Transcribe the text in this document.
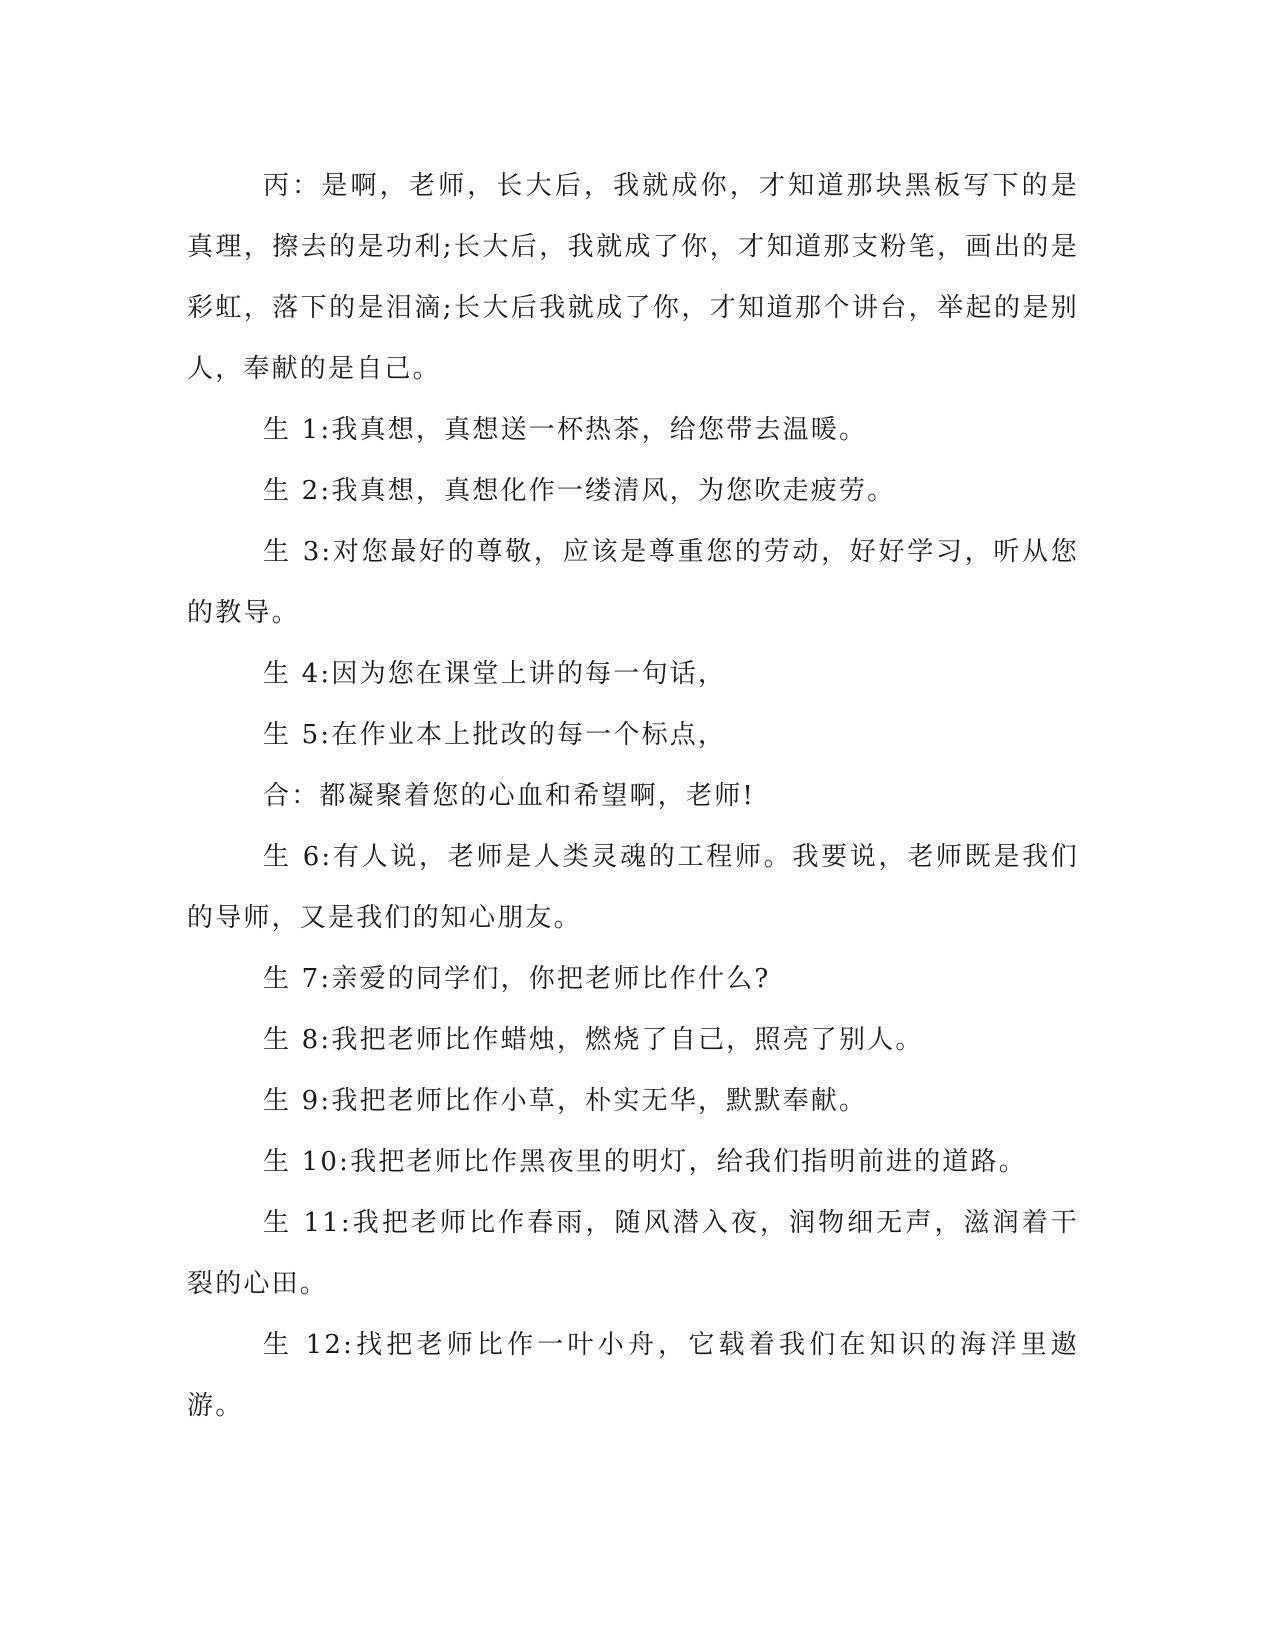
丙：是啊，老师，长大后，我就成你，才知道那块黑板写下的是真理，擦去的是功利;长大后，我就成了你，才知道那支粉笔，画出的是彩虹，落下的是泪滴;长大后我就成了你，才知道那个讲台，举起的是别人，奉献的是自己。

生 1:我真想，真想送一杯热茶，给您带去温暖。

生 2:我真想，真想化作一缕清风，为您吹走疲劳。

生 3:对您最好的尊敬，应该是尊重您的劳动，好好学习，听从您的教导。

生 4:因为您在课堂上讲的每一句话，

生 5:在作业本上批改的每一个标点，

合：都凝聚着您的心血和希望啊，老师!

生 6:有人说，老师是人类灵魂的工程师。我要说，老师既是我们的导师，又是我们的知心朋友。

生 7:亲爱的同学们，你把老师比作什么?

生 8:我把老师比作蜡烛，燃烧了自己，照亮了别人。

生 9:我把老师比作小草，朴实无华，默默奉献。

生 10:我把老师比作黑夜里的明灯，给我们指明前进的道路。

生 11:我把老师比作春雨，随风潜入夜，润物细无声，滋润着干裂的心田。

生 12:找把老师比作一叶小舟，它载着我们在知识的海洋里遨游。
